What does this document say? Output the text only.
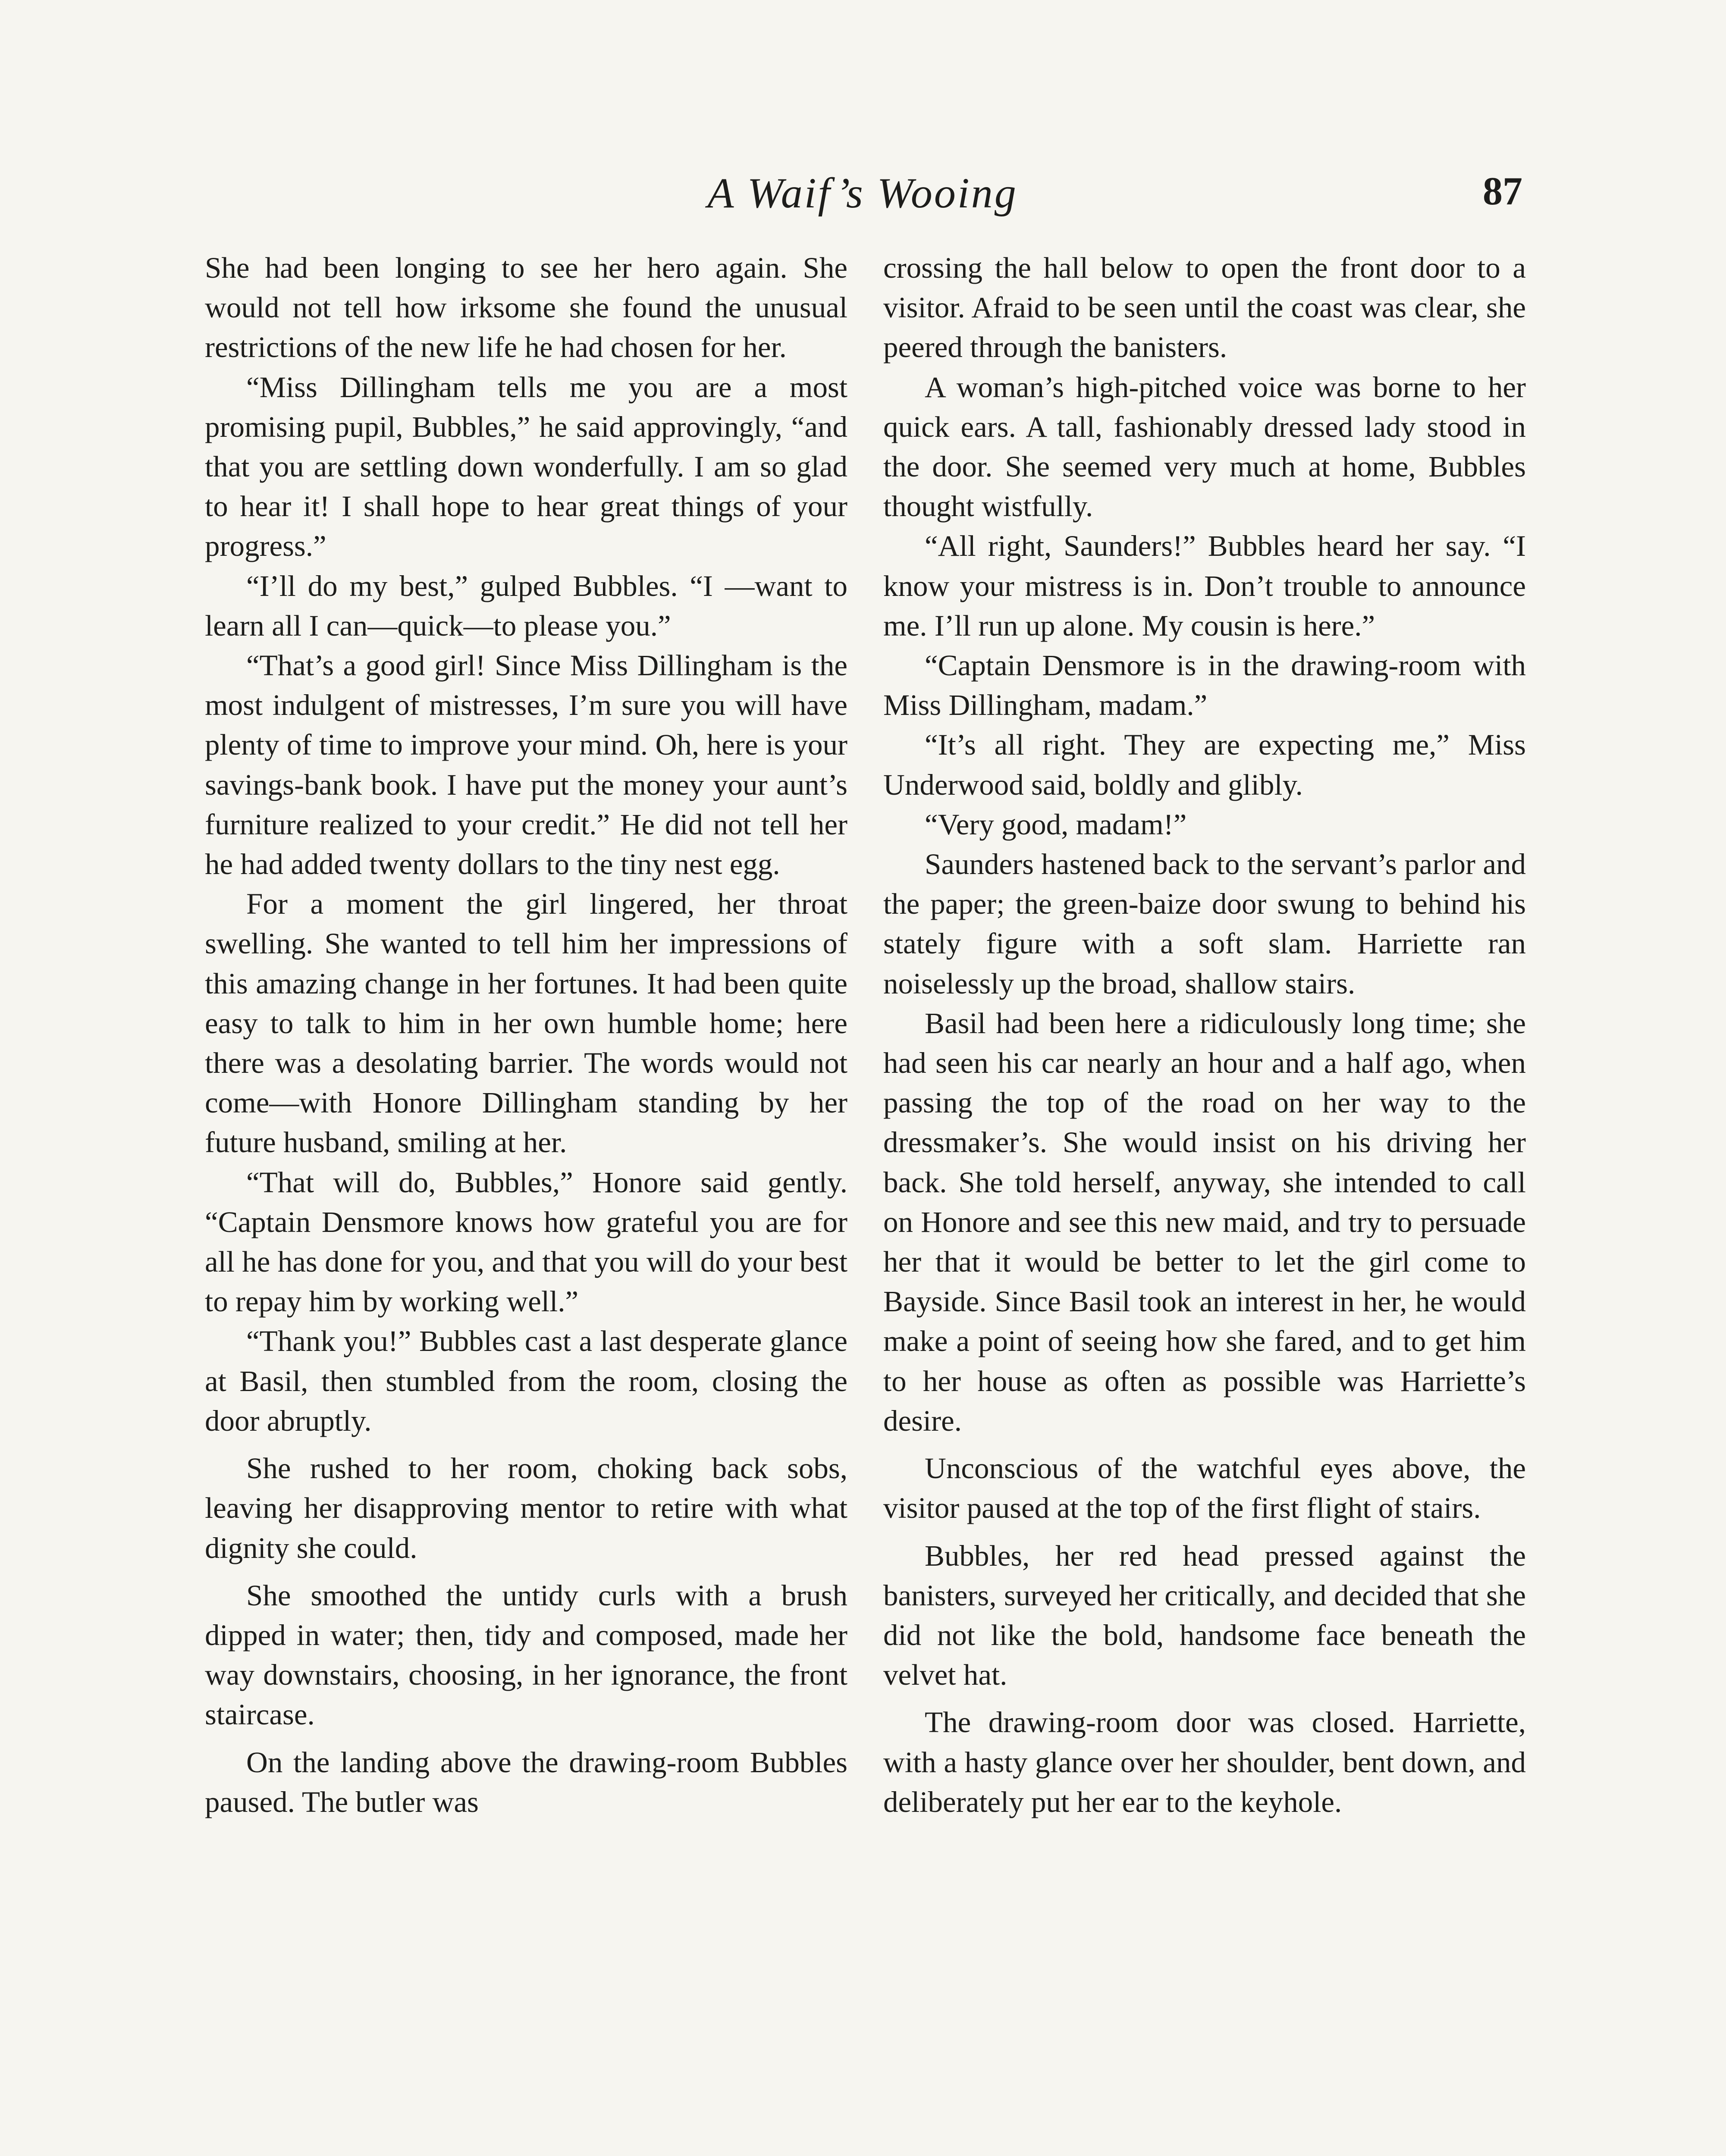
A Waif’s Wooing	87

She had been longing to see her hero again. She would not tell how irksome she found the unusual restrictions of the new life he had chosen for her.

“Miss Dillingham tells me you are a most promising pupil, Bubbles,” he said approvingly, “and that you are settling down wonderfully. I am so glad to hear it! I shall hope to hear great things of your progress.”

“I’ll do my best,” gulped Bubbles. “I —want to learn all I can—quick—to please you.”

“That’s a good girl! Since Miss Dillingham is the most indulgent of mistresses, I’m sure you will have plenty of time to improve your mind. Oh, here is your savings-bank book. I have put the money your aunt’s furniture realized to your credit.” He did not tell her he had added twenty dollars to the tiny nest egg.

For a moment the girl lingered, her throat swelling. She wanted to tell him her impressions of this amazing change in her fortunes. It had been quite easy to talk to him in her own humble home; here there was a desolating barrier. The words would not come—with Honore Dillingham standing by her future husband, smiling at her.

“That will do, Bubbles,” Honore said gently. “Captain Densmore knows how grateful you are for all he has done for you, and that you will do your best to repay him by working well.”

“Thank you!” Bubbles cast a last desperate glance at Basil, then stumbled from the room, closing the door abruptly.

She rushed to her room, choking back sobs, leaving her disapproving mentor to retire with what dignity she could.

She smoothed the untidy curls with a brush dipped in water; then, tidy and composed, made her way downstairs, choosing, in her ignorance, the front staircase.

On the landing above the drawing-room Bubbles paused. The butler was

crossing the hall below to open the front door to a visitor. Afraid to be seen until the coast was clear, she peered through the banisters.

A woman’s high-pitched voice was borne to her quick ears. A tall, fashionably dressed lady stood in the door. She seemed very much at home, Bubbles thought wistfully.

“All right, Saunders!” Bubbles heard her say. “I know your mistress is in. Don’t trouble to announce me. I’ll run up alone. My cousin is here.”

“Captain Densmore is in the drawing-room with Miss Dillingham, madam.”

“It’s all right. They are expecting me,” Miss Underwood said, boldly and glibly.

“Very good, madam!”

Saunders hastened back to the servant’s parlor and the paper; the green-baize door swung to behind his stately figure with a soft slam. Harriette ran noiselessly up the broad, shallow stairs.

Basil had been here a ridiculously long time; she had seen his car nearly an hour and a half ago, when passing the top of the road on her way to the dressmaker’s. She would insist on his driving her back. She told herself, anyway, she intended to call on Honore and see this new maid, and try to persuade her that it would be better to let the girl come to Bayside. Since Basil took an interest in her, he would make a point of seeing how she fared, and to get him to her house as often as possible was Harriette’s desire.

Unconscious of the watchful eyes above, the visitor paused at the top of the first flight of stairs.

Bubbles, her red head pressed against the banisters, surveyed her critically, and decided that she did not like the bold, handsome face beneath the velvet hat.

The drawing-room door was closed. Harriette, with a hasty glance over her shoulder, bent down, and deliberately put her ear to the keyhole.
